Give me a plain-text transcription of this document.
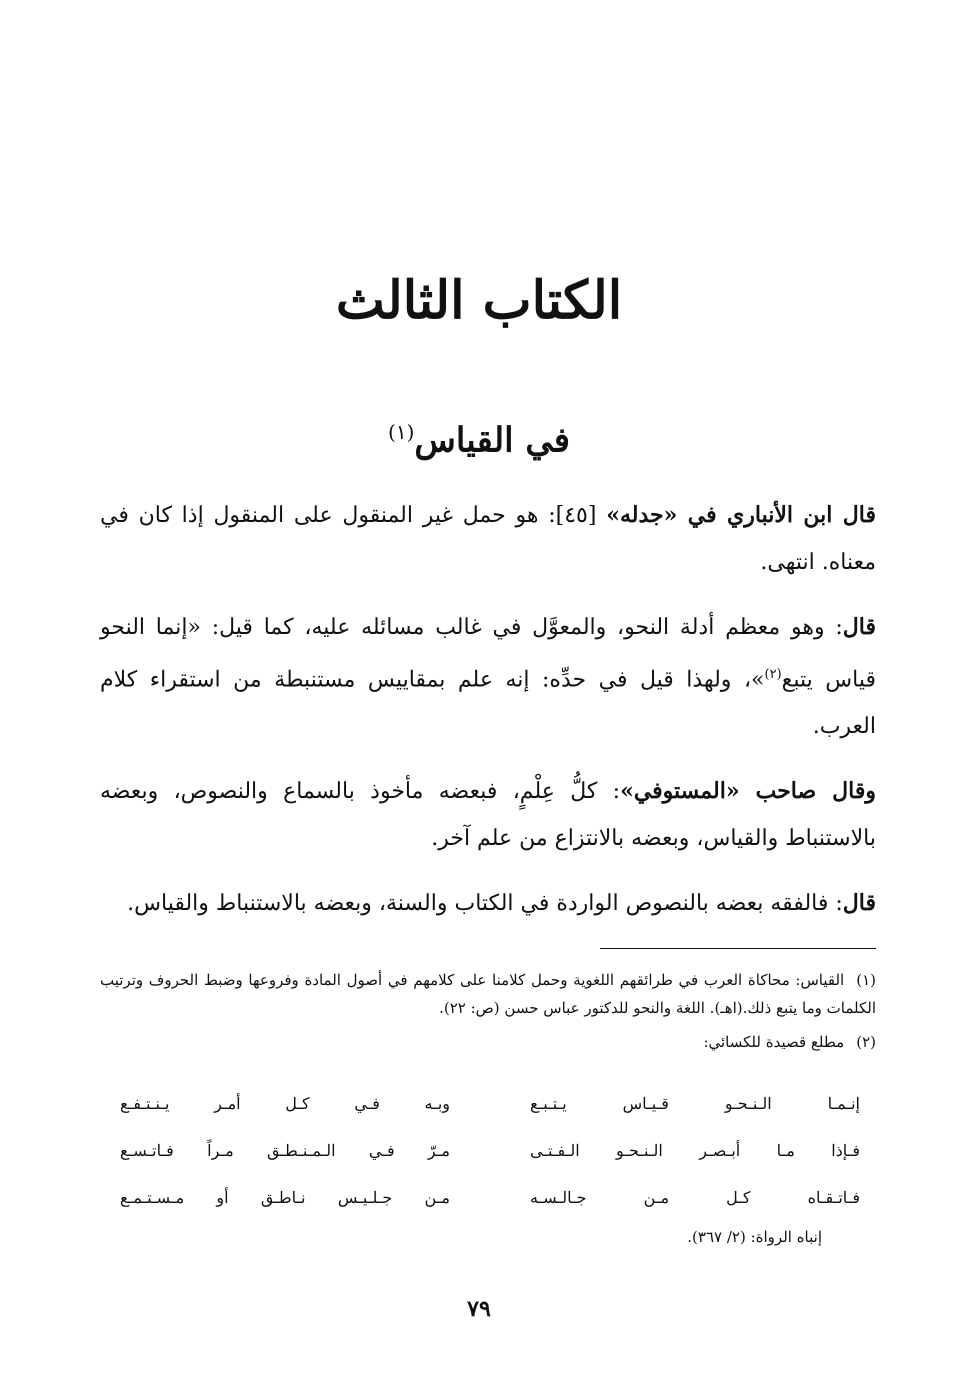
الكتاب الثالث
في القياس$^{(١)}$

قال ابن الأنباري في «جدله» [٤٥]: هو حمل غير المنقول على المنقول إذا كان في معناه. انتهى.

قال: وهو معظم أدلة النحو، والمعوَّل في غالب مسائله عليه، كما قيل: «إنما النحو قياس يتبع$^{(٢)}$»، ولهذا قيل في حدِّه: إنه علم بمقاييس مستنبطة من استقراء كلام العرب.

وقال صاحب «المستوفي»: كلُّ عِلْمٍ، فبعضه مأخوذ بالسماع والنصوص، وبعضه بالاستنباط والقياس، وبعضه بالانتزاع من علم آخر.

قال: فالفقه بعضه بالنصوص الواردة في الكتاب والسنة، وبعضه بالاستنباط والقياس.

(١)القياس: محاكاة العرب في طرائقهم اللغوية وحمل كلامنا على كلامهم في أصول المادة وفروعها وضبط الحروف وترتيب الكلمات وما يتبع ذلك.(اهـ). اللغة والنحو للدكتور عباس حسن (ص: ٢٢).
(٢)مطلع قصيدة للكسائي:
إنـمـا الـنـحـو قـيـاس يـتـبـع
وبـه فـي كـل أمـر يـنـتـفـع
فـإذا مـا أبـصـر الـنـحـو الـفـتـى
مـرّ فـي الـمـنـطـق مـراً فـاتـسـع
فـاتـقـاه كـل مـن جـالـسـه
مـن جـلـيـس نـاطـق أو مـسـتـمـع
إنباه الرواة: (٢/ ٣٦٧).
٧٩
